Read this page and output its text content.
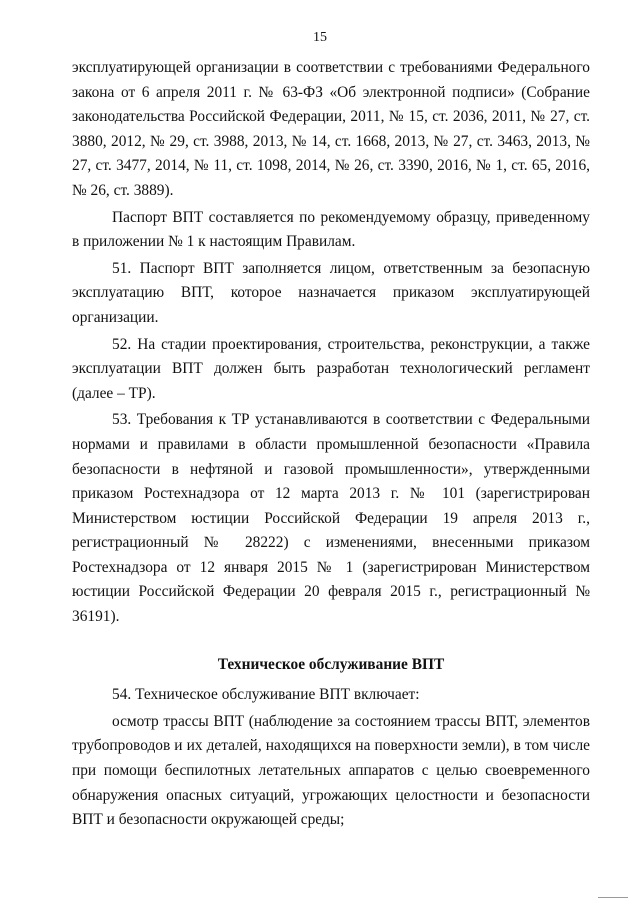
15

эксплуатирующей организации в соответствии с требованиями Федерального закона от 6 апреля 2011 г. № 63-ФЗ «Об электронной подписи» (Собрание законодательства Российской Федерации, 2011, № 15, ст. 2036, 2011, № 27, ст. 3880, 2012, № 29, ст. 3988, 2013, № 14, ст. 1668, 2013, № 27, ст. 3463, 2013, № 27, ст. 3477, 2014, № 11, ст. 1098, 2014, № 26, ст. 3390, 2016, № 1, ст. 65, 2016, № 26, ст. 3889).

Паспорт ВПТ составляется по рекомендуемому образцу, приведенному в приложении № 1 к настоящим Правилам.

51. Паспорт ВПТ заполняется лицом, ответственным за безопасную эксплуатацию ВПТ, которое назначается приказом эксплуатирующей организации.

52. На стадии проектирования, строительства, реконструкции, а также эксплуатации ВПТ должен быть разработан технологический регламент (далее – ТР).

53. Требования к ТР устанавливаются в соответствии с Федеральными нормами и правилами в области промышленной безопасности «Правила безопасности в нефтяной и газовой промышленности», утвержденными приказом Ростехнадзора от 12 марта 2013 г. № 101 (зарегистрирован Министерством юстиции Российской Федерации 19 апреля 2013 г., регистрационный № 28222) с изменениями, внесенными приказом Ростехнадзора от 12 января 2015 № 1 (зарегистрирован Министерством юстиции Российской Федерации 20 февраля 2015 г., регистрационный № 36191).

Техническое обслуживание ВПТ

54. Техническое обслуживание ВПТ включает:

осмотр трассы ВПТ (наблюдение за состоянием трассы ВПТ, элементов трубопроводов и их деталей, находящихся на поверхности земли), в том числе при помощи беспилотных летательных аппаратов с целью своевременного обнаружения опасных ситуаций, угрожающих целостности и безопасности ВПТ и безопасности окружающей среды;
